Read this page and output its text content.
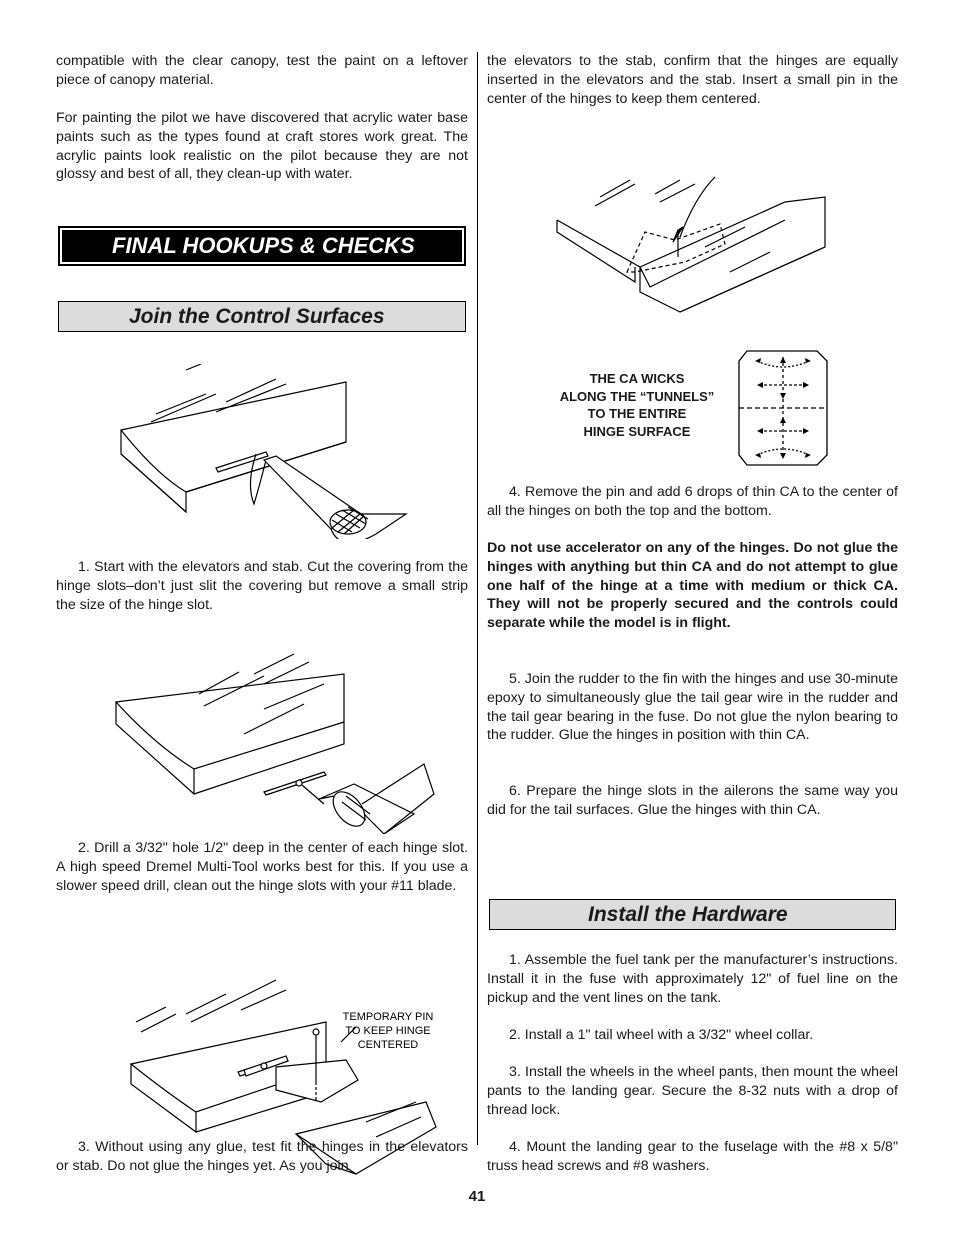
compatible with the clear canopy, test the paint on a leftover piece of canopy material.

For painting the pilot we have discovered that acrylic water base paints such as the types found at craft stores work great. The acrylic paints look realistic on the pilot because they are not glossy and best of all, they clean-up with water.

FINAL HOOKUPS & CHECKS
Join the Control Surfaces

1. Start with the elevators and stab. Cut the covering from the hinge slots–don’t just slit the covering but remove a small strip the size of the hinge slot.

2. Drill a 3/32" hole 1/2" deep in the center of each hinge slot. A high speed Dremel Multi-Tool works best for this. If you use a slower speed drill, clean out the hinge slots with your #11 blade.

TEMPORARY PIN
TO KEEP HINGE
CENTERED

3. Without using any glue, test fit the hinges in the elevators or stab. Do not glue the hinges yet. As you join

the elevators to the stab, confirm that the hinges are equally inserted in the elevators and the stab. Insert a small pin in the center of the hinges to keep them centered.

THE CA WICKS
ALONG THE “TUNNELS”
TO THE ENTIRE
HINGE SURFACE

4. Remove the pin and add 6 drops of thin CA to the center of all the hinges on both the top and the bottom.

Do not use accelerator on any of the hinges. Do not glue the hinges with anything but thin CA and do not attempt to glue one half of the hinge at a time with medium or thick CA. They will not be properly secured and the controls could separate while the model is in flight.

5. Join the rudder to the fin with the hinges and use 30-minute epoxy to simultaneously glue the tail gear wire in the rudder and the tail gear bearing in the fuse. Do not glue the nylon bearing to the rudder. Glue the hinges in position with thin CA.

6. Prepare the hinge slots in the ailerons the same way you did for the tail surfaces. Glue the hinges with thin CA.

Install the Hardware

1. Assemble the fuel tank per the manufacturer’s instructions. Install it in the fuse with approximately 12" of fuel line on the pickup and the vent lines on the tank.

2. Install a 1" tail wheel with a 3/32" wheel collar.

3. Install the wheels in the wheel pants, then mount the wheel pants to the landing gear. Secure the 8-32 nuts with a drop of thread lock.

4. Mount the landing gear to the fuselage with the #8 x 5/8" truss head screws and #8 washers.

41
